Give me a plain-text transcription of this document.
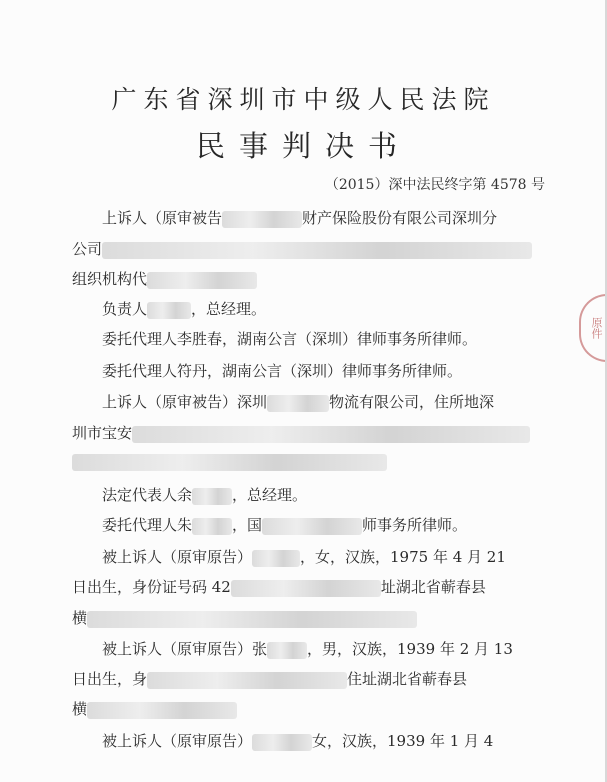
广东省深圳市中级人民法院
民事判决书
（2015）深中法民终字第 4578 号
上诉人（原审被告	财产保险股份有限公司深圳分
公司
组织机构代
负责人	，总经理。
委托代理人李胜春，湖南公言（深圳）律师事务所律师。
委托代理人符丹，湖南公言（深圳）律师事务所律师。
上诉人（原审被告）深圳	物流有限公司，住所地深
圳市宝安
法定代表人余	，总经理。
委托代理人朱	，国	师事务所律师。
被上诉人（原审原告）	，女，汉族，1975 年 4 月 21
日出生，身份证号码 42	址湖北省蕲春县
横
被上诉人（原审原告）张	，男，汉族，1939 年 2 月 13
日出生，身	住址湖北省蕲春县
横
被上诉人（原审原告）	女，汉族，1939 年 1 月 4
原件
